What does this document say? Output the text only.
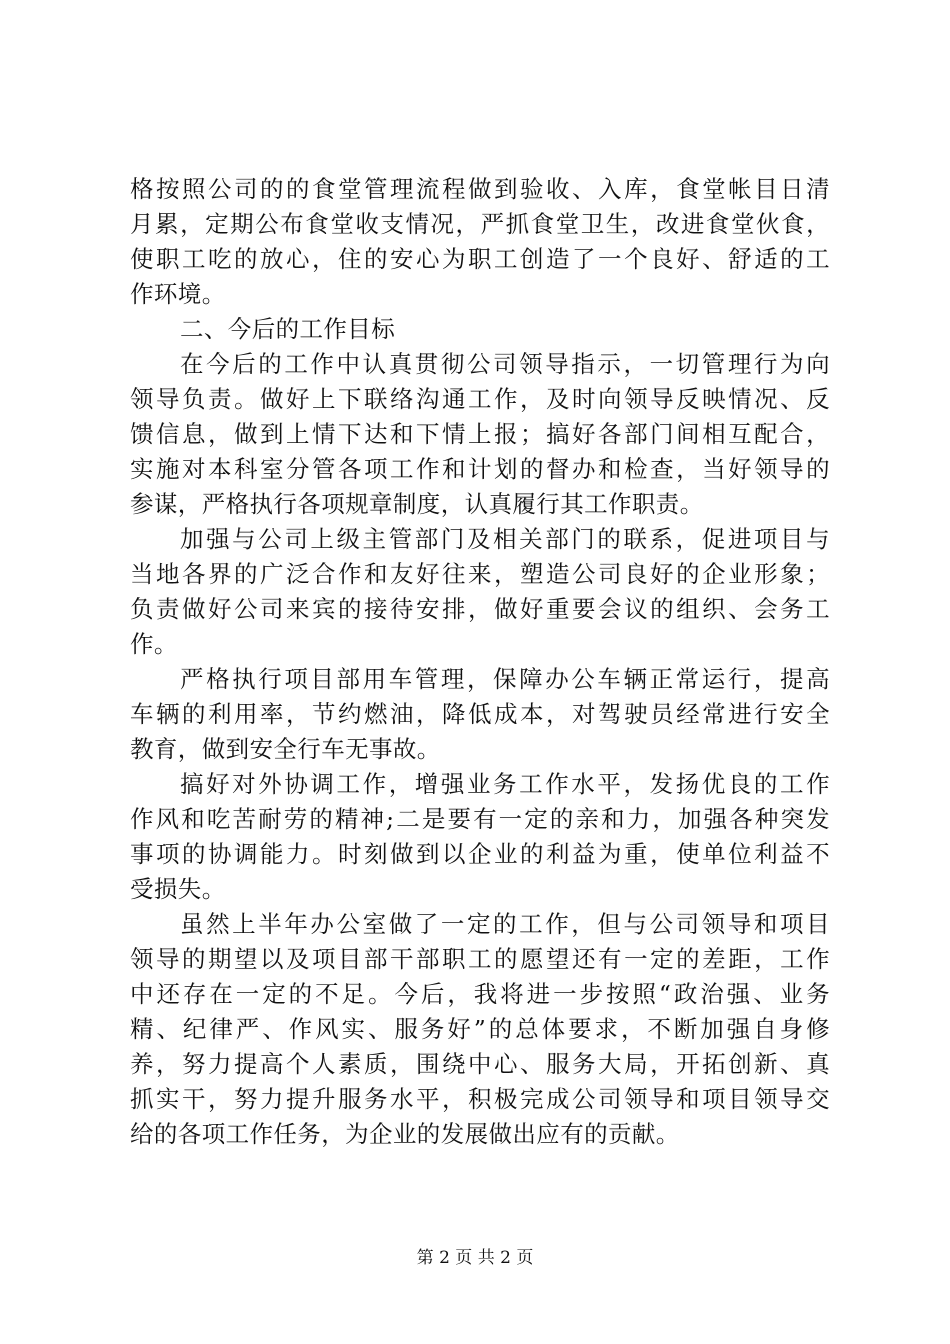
格按照公司的的食堂管理流程做到验收、入库，食堂帐目日清
月累，定期公布食堂收支情况，严抓食堂卫生，改进食堂伙食，
使职工吃的放心，住的安心为职工创造了一个良好、舒适的工
作环境。
二、今后的工作目标
在今后的工作中认真贯彻公司领导指示，一切管理行为向
领导负责。做好上下联络沟通工作，及时向领导反映情况、反
馈信息，做到上情下达和下情上报；搞好各部门间相互配合，
实施对本科室分管各项工作和计划的督办和检查，当好领导的
参谋，严格执行各项规章制度，认真履行其工作职责。
加强与公司上级主管部门及相关部门的联系，促进项目与
当地各界的广泛合作和友好往来，塑造公司良好的企业形象；
负责做好公司来宾的接待安排，做好重要会议的组织、会务工
作。
严格执行项目部用车管理，保障办公车辆正常运行，提高
车辆的利用率，节约燃油，降低成本，对驾驶员经常进行安全
教育，做到安全行车无事故。
搞好对外协调工作，增强业务工作水平，发扬优良的工作
作风和吃苦耐劳的精神;二是要有一定的亲和力，加强各种突发
事项的协调能力。时刻做到以企业的利益为重，使单位利益不
受损失。
虽然上半年办公室做了一定的工作，但与公司领导和项目
领导的期望以及项目部干部职工的愿望还有一定的差距，工作
中还存在一定的不足。今后，我将进一步按照“政治强、业务
精、纪律严、作风实、服务好”的总体要求，不断加强自身修
养，努力提高个人素质，围绕中心、服务大局，开拓创新、真
抓实干，努力提升服务水平，积极完成公司领导和项目领导交
给的各项工作任务，为企业的发展做出应有的贡献。
第 2 页 共 2 页
